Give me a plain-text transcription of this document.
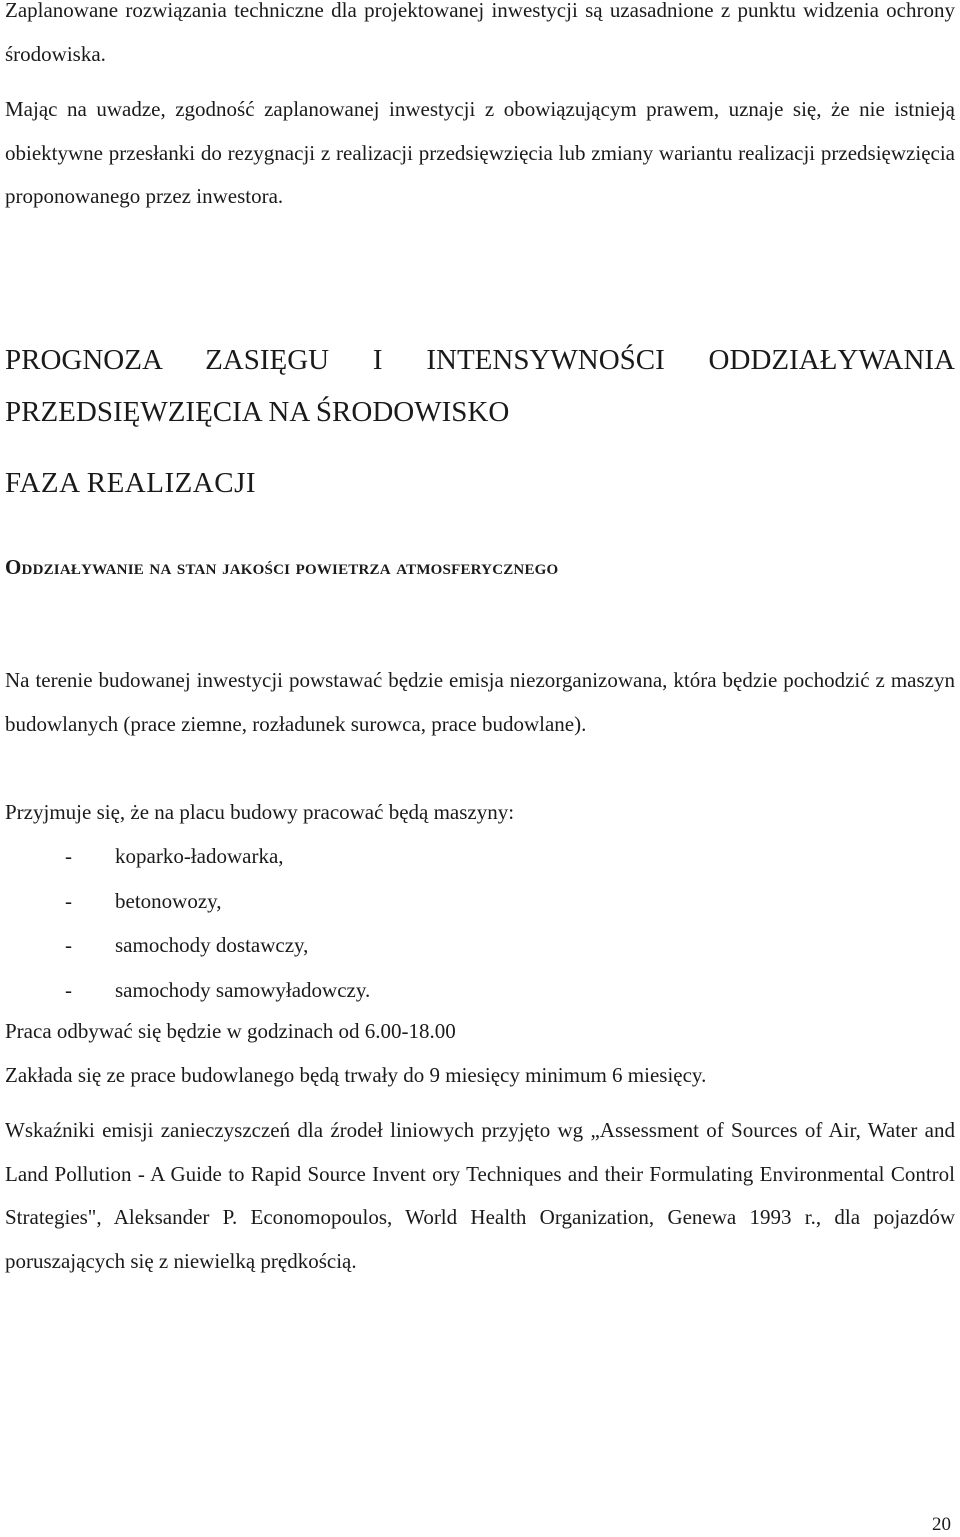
Zaplanowane rozwiązania techniczne dla projektowanej inwestycji są uzasadnione z punktu widzenia ochrony środowiska.

Mając na uwadze, zgodność zaplanowanej inwestycji z obowiązującym prawem, uznaje się, że nie istnieją obiektywne przesłanki do rezygnacji z realizacji przedsięwzięcia lub zmiany wariantu realizacji przedsięwzięcia proponowanego przez inwestora.

PROGNOZA ZASIĘGU I INTENSYWNOŚCI ODDZIAŁYWANIA
PRZEDSIĘWZIĘCIA NA ŚRODOWISKO
FAZA REALIZACJI
Oddziaływanie na stan jakości powietrza atmosferycznego

Na terenie budowanej inwestycji powstawać będzie emisja niezorganizowana, która będzie pochodzić z maszyn budowlanych (prace ziemne, rozładunek surowca, prace budowlane).

Przyjmuje się, że na placu budowy pracować będą maszyny:

- koparko-ładowarka,
- betonowozy,
- samochody dostawczy,
- samochody samowyładowczy.

Praca odbywać się będzie w godzinach od 6.00-18.00

Zakłada się ze prace budowlanego będą trwały do 9 miesięcy minimum 6 miesięcy.

Wskaźniki emisji zanieczyszczeń dla źrodeł liniowych przyjęto wg „Assessment of Sources of Air, Water and Land Pollution - A Guide to Rapid Source Invent ory Techniques and their Formulating Environmental Control Strategies", Aleksander P. Economopoulos, World Health Organization, Genewa 1993 r., dla pojazdów poruszających się z niewielką prędkością.

20
